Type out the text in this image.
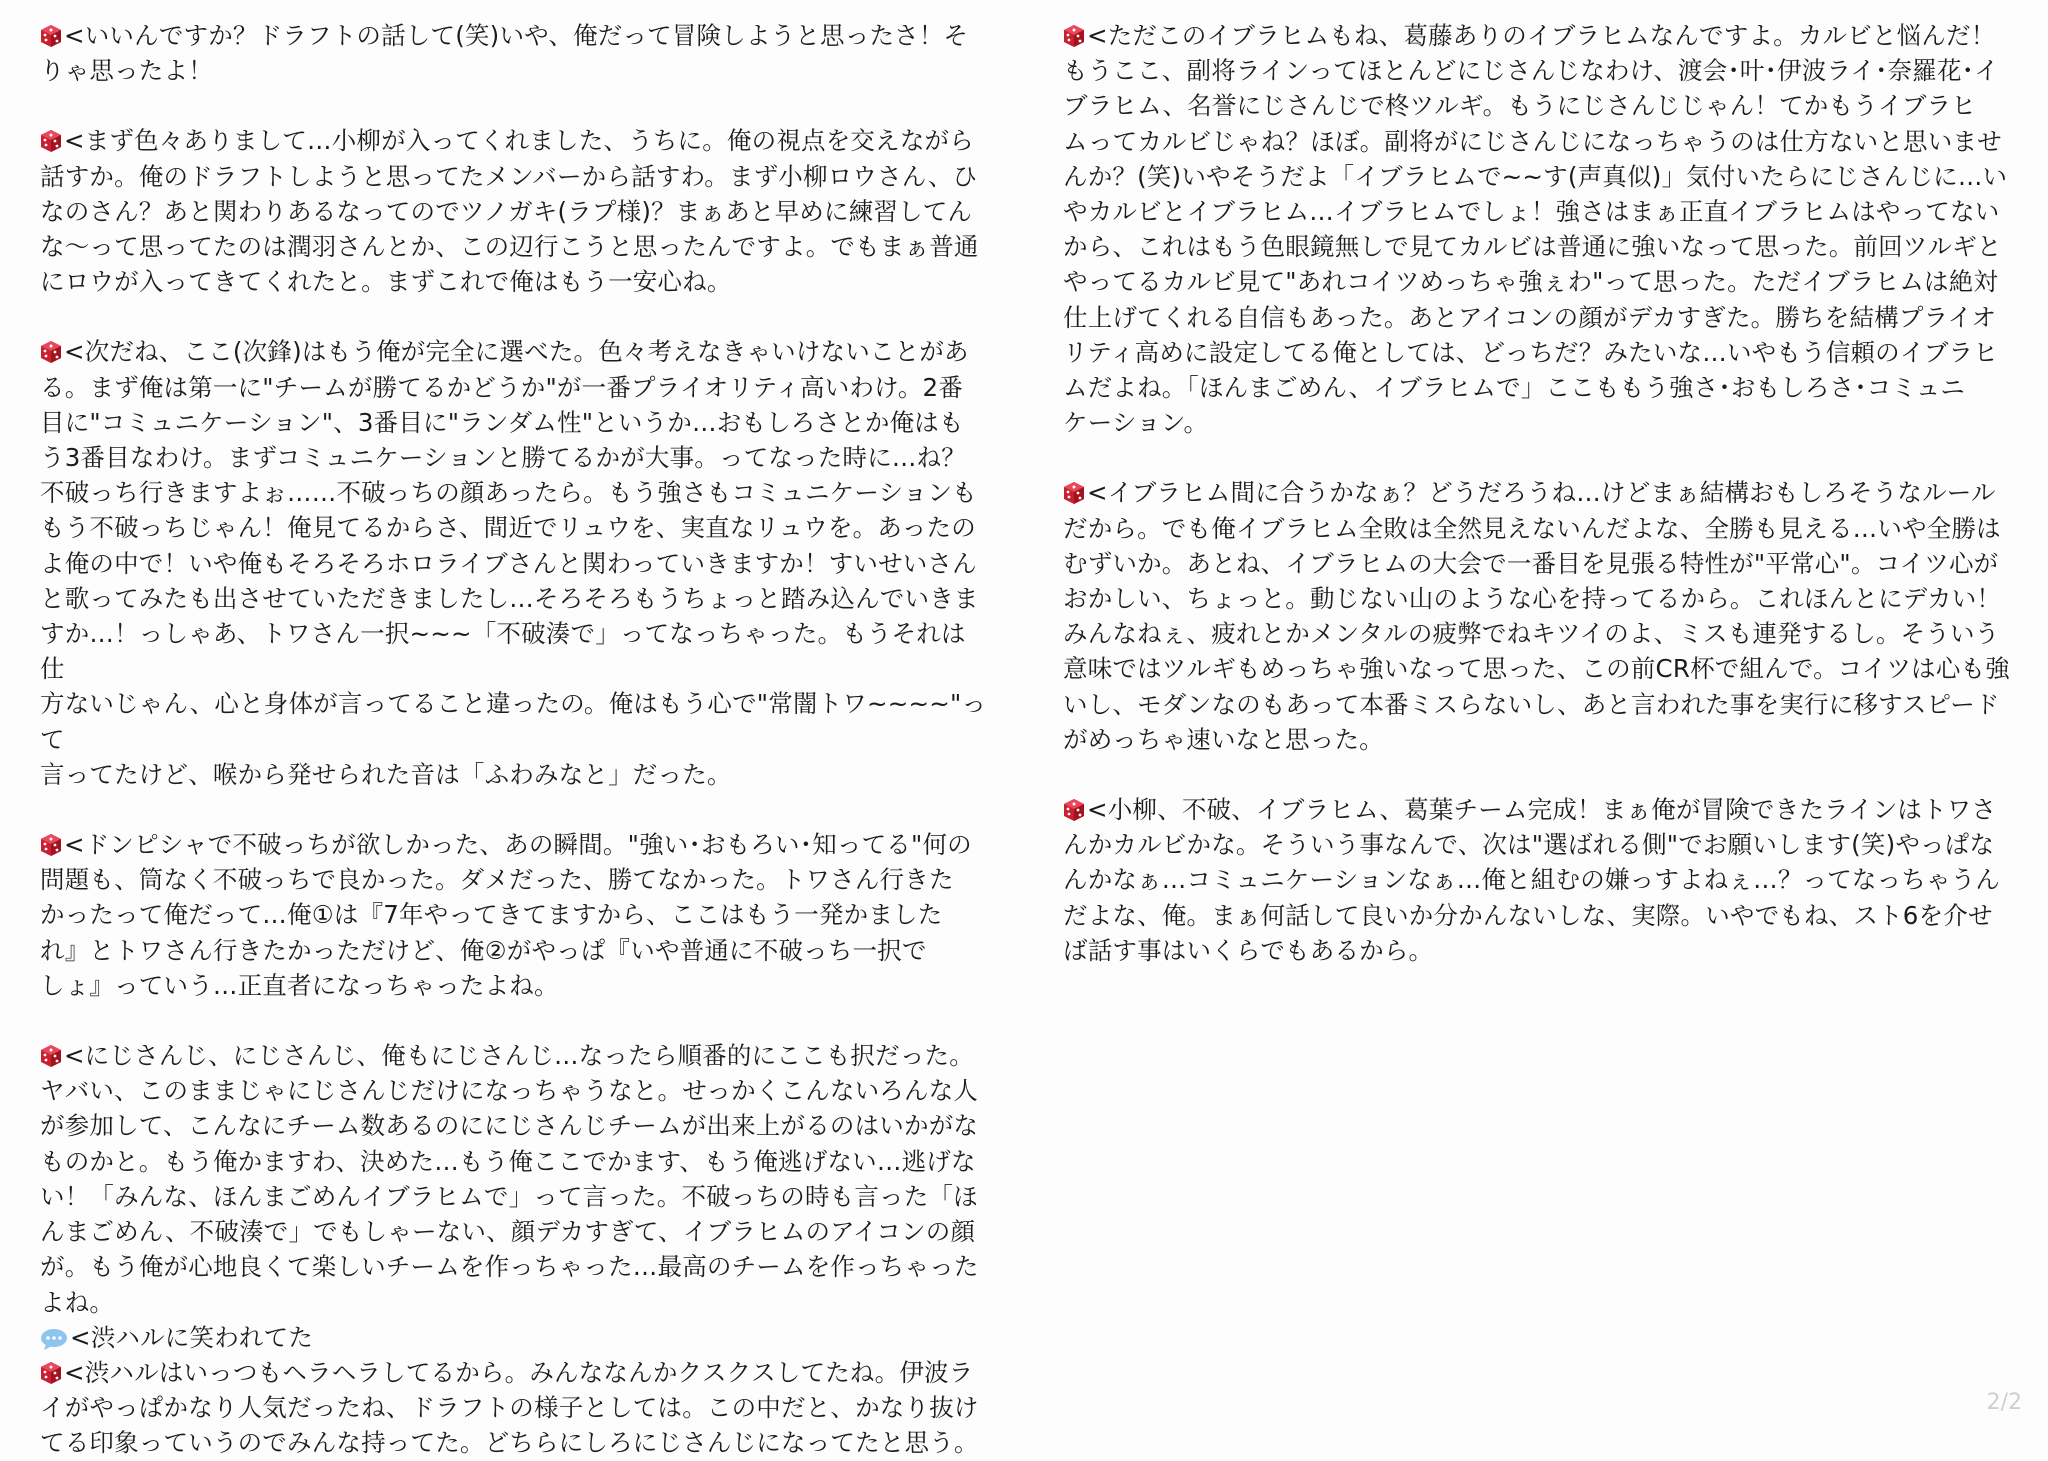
<いいんですか？ドラフトの話して(笑)いや、俺だって冒険しようと思ったさ！そ
りゃ思ったよ！
<まず色々ありまして…小柳が入ってくれました、うちに。俺の視点を交えながら
話すか。俺のドラフトしようと思ってたメンバーから話すわ。まず小柳ロウさん、ひ
なのさん？あと関わりあるなってのでツノガキ(ラプ様)？まぁあと早めに練習してん
な〜って思ってたのは潤羽さんとか、この辺行こうと思ったんですよ。でもまぁ普通
にロウが入ってきてくれたと。まずこれで俺はもう一安心ね。
<次だね、ここ(次鋒)はもう俺が完全に選べた。色々考えなきゃいけないことがあ
る。まず俺は第一に"チームが勝てるかどうか"が一番プライオリティ高いわけ。2番
目に"コミュニケーション"、3番目に"ランダム性"というか…おもしろさとか俺はも
う3番目なわけ。まずコミュニケーションと勝てるかが大事。ってなった時に…ね？
不破っち行きますよぉ……不破っちの顔あったら。もう強さもコミュニケーションも
もう不破っちじゃん！俺見てるからさ、間近でリュウを、実直なリュウを。あったの
よ俺の中で！いや俺もそろそろホロライブさんと関わっていきますか！すいせいさん
と歌ってみたも出させていただきましたし…そろそろもうちょっと踏み込んでいきま
すか…！っしゃあ、トワさん一択~~~「不破湊で」ってなっちゃった。もうそれは仕
方ないじゃん、心と身体が言ってること違ったの。俺はもう心で"常闇トワ~~~~"って
言ってたけど、喉から発せられた音は「ふわみなと」だった。
<ドンピシャで不破っちが欲しかった、あの瞬間。"強い･おもろい･知ってる"何の
問題も、筒なく不破っちで良かった。ダメだった、勝てなかった。トワさん行きた
かったって俺だって…俺①は『7年やってきてますから、ここはもう一発かました
れ』とトワさん行きたかっただけど、俺②がやっぱ『いや普通に不破っち一択で
しょ』っていう…正直者になっちゃったよね。
<にじさんじ、にじさんじ、俺もにじさんじ…なったら順番的にここも択だった。
ヤバい、このままじゃにじさんじだけになっちゃうなと。せっかくこんないろんな人
が参加して、こんなにチーム数あるのににじさんじチームが出来上がるのはいかがな
ものかと。もう俺かますわ、決めた…もう俺ここでかます、もう俺逃げない…逃げな
い！「みんな、ほんまごめんイブラヒムで」って言った。不破っちの時も言った「ほ
んまごめん、不破湊で」でもしゃーない、顔デカすぎて、イブラヒムのアイコンの顔
が。もう俺が心地良くて楽しいチームを作っちゃった…最高のチームを作っちゃった
よね。
<渋ハルに笑われてた
<渋ハルはいっつもヘラヘラしてるから。みんななんかクスクスしてたね。伊波ラ
イがやっぱかなり人気だったね、ドラフトの様子としては。この中だと、かなり抜け
てる印象っていうのでみんな持ってた。どちらにしろにじさんじになってたと思う。
<ただこのイブラヒムもね、葛藤ありのイブラヒムなんですよ。カルビと悩んだ！
もうここ、副将ラインってほとんどにじさんじなわけ、渡会･叶･伊波ライ･奈羅花･イ
ブラヒム、名誉にじさんじで柊ツルギ。もうにじさんじじゃん！てかもうイブラヒ
ムってカルビじゃね？ほぼ。副将がにじさんじになっちゃうのは仕方ないと思いませ
んか？(笑)いやそうだよ「イブラヒムで~~す(声真似)」気付いたらにじさんじに…い
やカルビとイブラヒム…イブラヒムでしょ！強さはまぁ正直イブラヒムはやってない
から、これはもう色眼鏡無しで見てカルビは普通に強いなって思った。前回ツルギと
やってるカルビ見て"あれコイツめっちゃ強ぇわ"って思った。ただイブラヒムは絶対
仕上げてくれる自信もあった。あとアイコンの顔がデカすぎた。勝ちを結構プライオ
リティ高めに設定してる俺としては、どっちだ？みたいな…いやもう信頼のイブラヒ
ムだよね。「ほんまごめん、イブラヒムで」ここももう強さ･おもしろさ･コミュニ
ケーション。
<イブラヒム間に合うかなぁ？どうだろうね…けどまぁ結構おもしろそうなルール
だから。でも俺イブラヒム全敗は全然見えないんだよな、全勝も見える…いや全勝は
むずいか。あとね、イブラヒムの大会で一番目を見張る特性が"平常心"。コイツ心が
おかしい、ちょっと。動じない山のような心を持ってるから。これほんとにデカい！
みんなねぇ、疲れとかメンタルの疲弊でねキツイのよ、ミスも連発するし。そういう
意味ではツルギもめっちゃ強いなって思った、この前CR杯で組んで。コイツは心も強
いし、モダンなのもあって本番ミスらないし、あと言われた事を実行に移すスピード
がめっちゃ速いなと思った。
<小柳、不破、イブラヒム、葛葉チーム完成！まぁ俺が冒険できたラインはトワさ
んかカルビかな。そういう事なんで、次は"選ばれる側"でお願いします(笑)やっぱな
んかなぁ…コミュニケーションなぁ…俺と組むの嫌っすよねぇ…？ってなっちゃうん
だよな、俺。まぁ何話して良いか分かんないしな、実際。いやでもね、スト6を介せ
ば話す事はいくらでもあるから。
2/2
